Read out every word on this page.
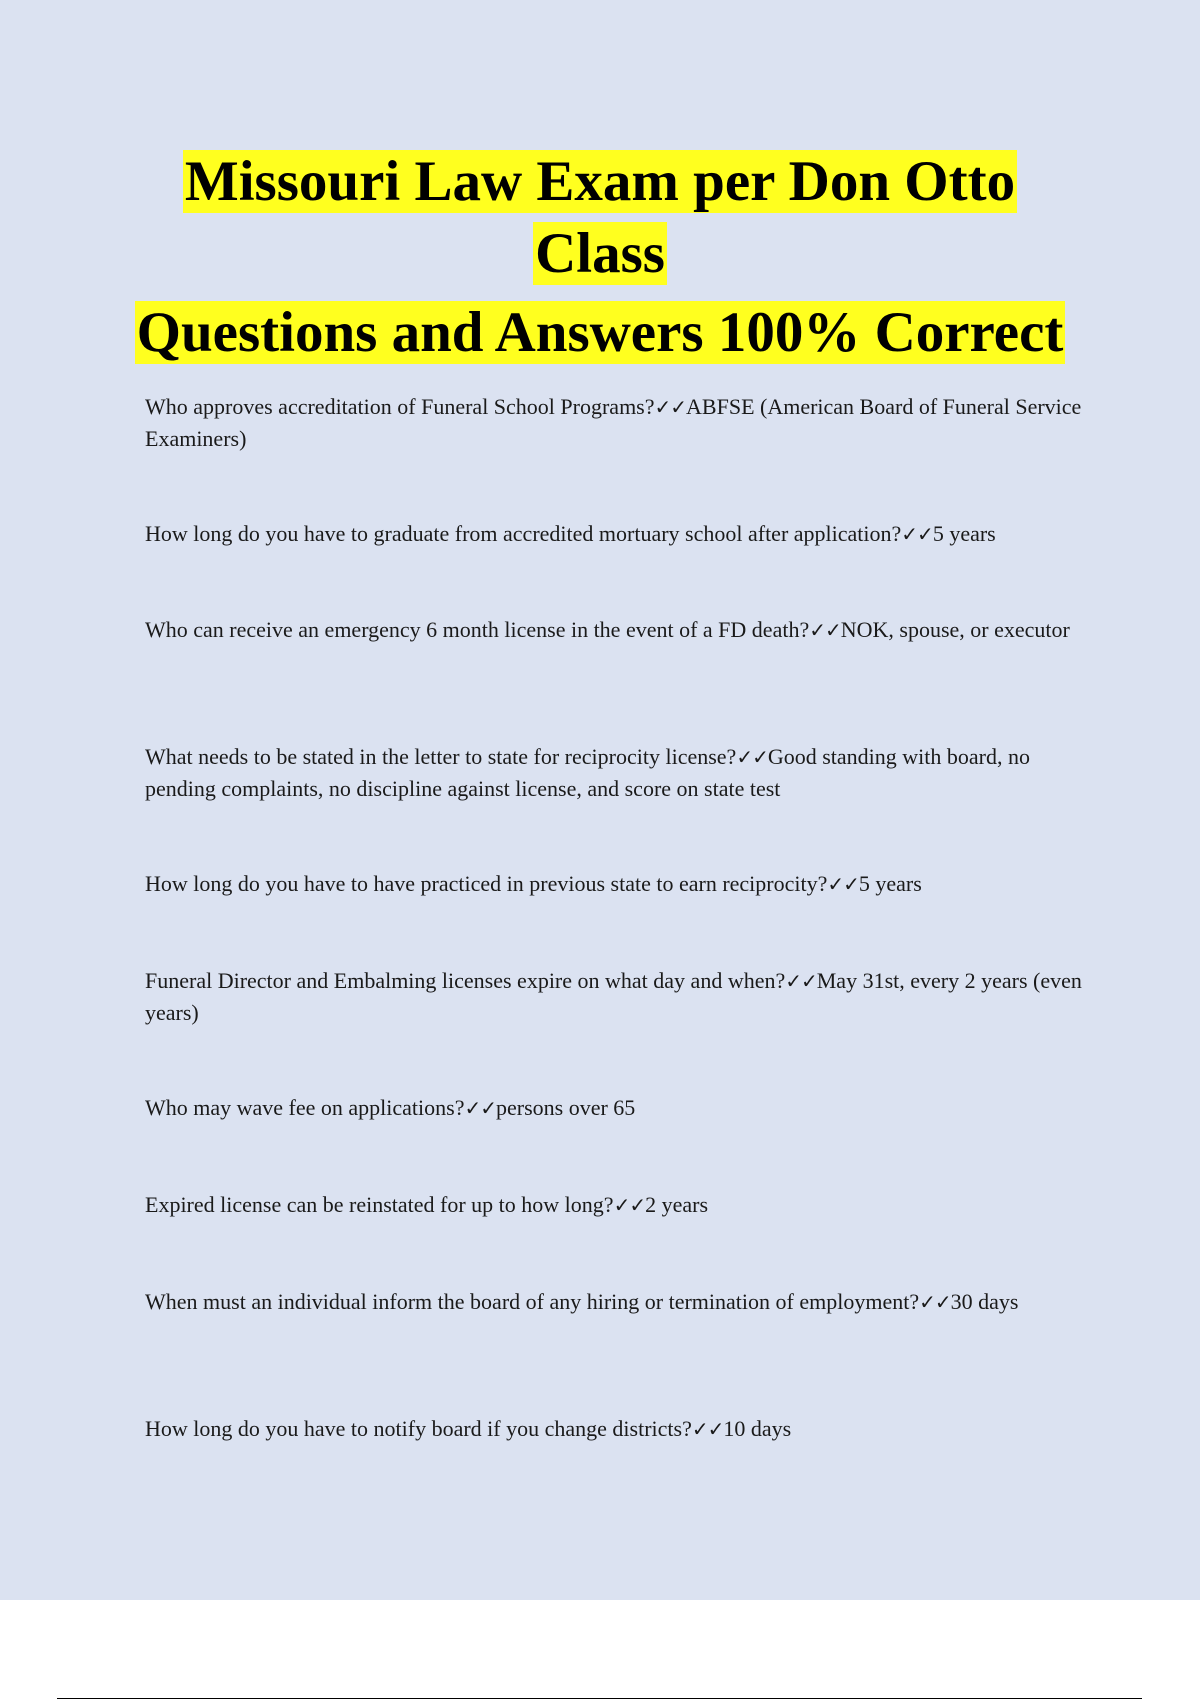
Missouri Law Exam per Don Otto
Class
Questions and Answers 100% Correct

Who approves accreditation of Funeral School Programs?✓✓ABFSE (American Board of Funeral Service Examiners)

How long do you have to graduate from accredited mortuary school after application?✓✓5 years

Who can receive an emergency 6 month license in the event of a FD death?✓✓NOK, spouse, or executor

What needs to be stated in the letter to state for reciprocity license?✓✓Good standing with board, no pending complaints, no discipline against license, and score on state test

How long do you have to have practiced in previous state to earn reciprocity?✓✓5 years

Funeral Director and Embalming licenses expire on what day and when?✓✓May 31st, every 2 years (even years)

Who may wave fee on applications?✓✓persons over 65

Expired license can be reinstated for up to how long?✓✓2 years

When must an individual inform the board of any hiring or termination of employment?✓✓30 days

How long do you have to notify board if you change districts?✓✓10 days
